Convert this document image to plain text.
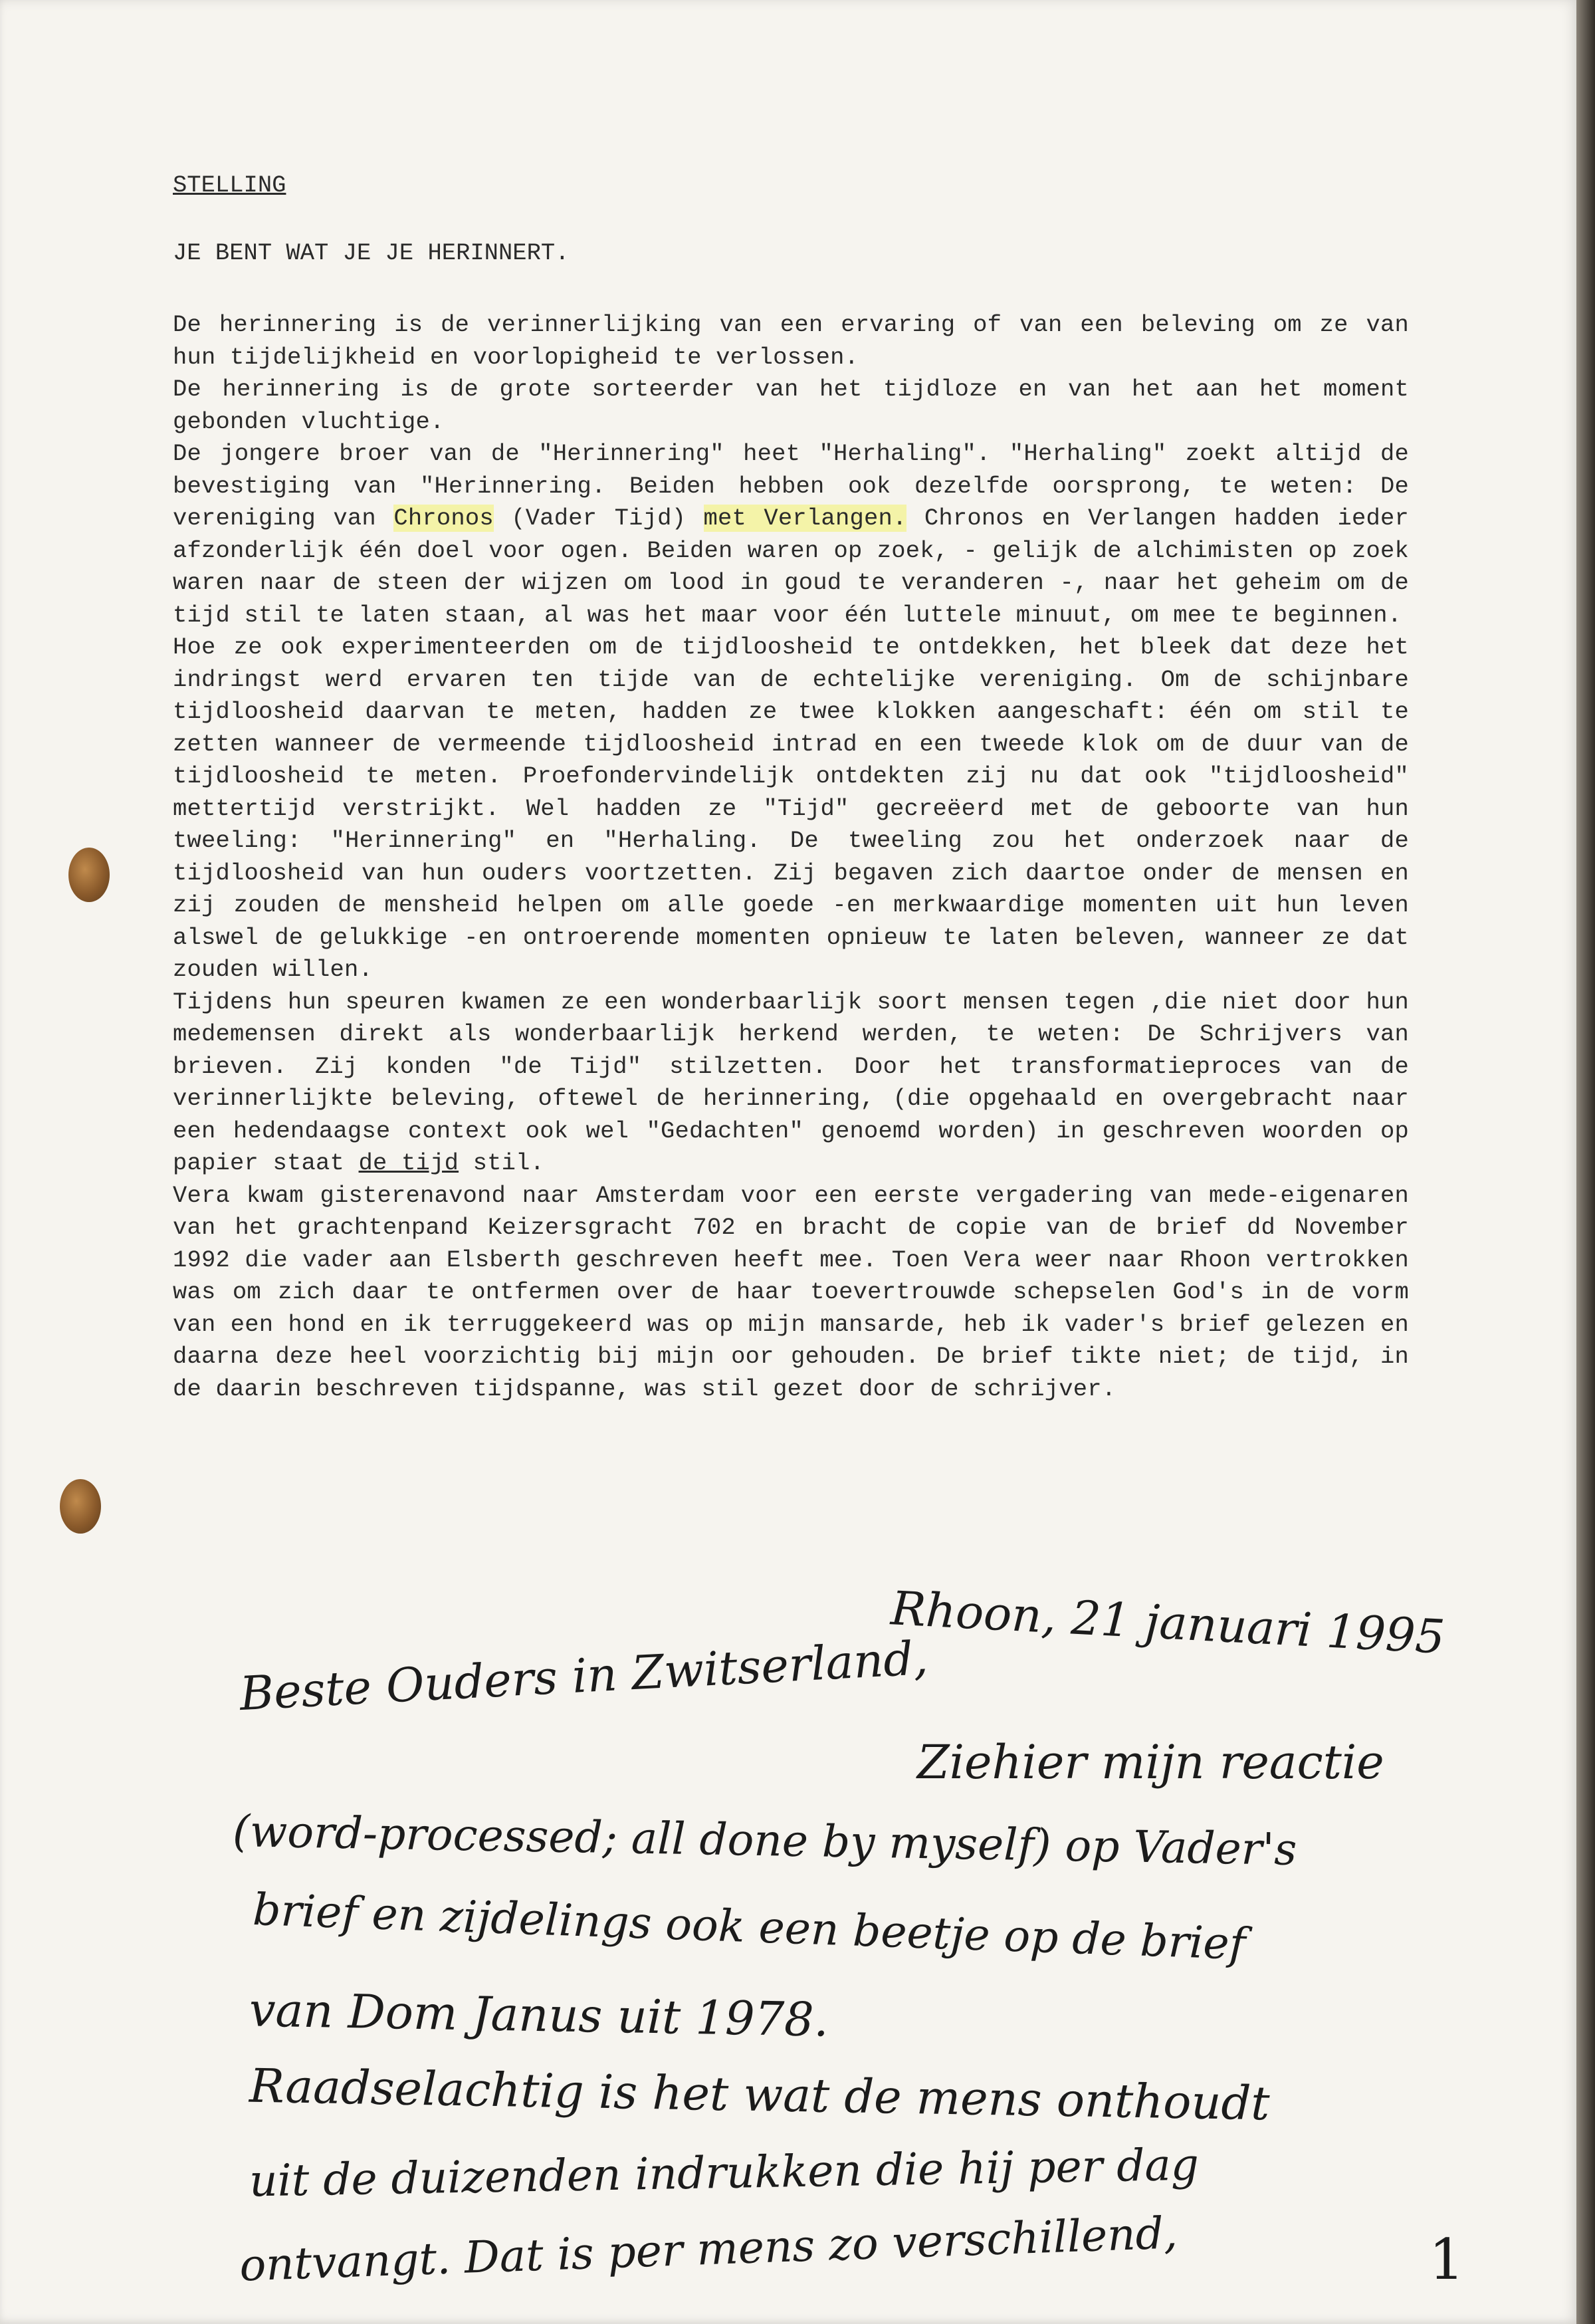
STELLING

JE BENT WAT JE JE HERINNERT.

De herinnering is de verinnerlijking van een ervaring of van een beleving om ze van hun tijdelijkheid en voorlopigheid te verlossen.

De herinnering is de grote sorteerder van het tijdloze en van het aan het moment gebonden vluchtige.

De jongere broer van de "Herinnering" heet "Herhaling". "Herhaling" zoekt altijd de bevestiging van "Herinnering. Beiden hebben ook dezelfde oorsprong, te weten: De vereniging van Chronos (Vader Tijd) met Verlangen. Chronos en Verlangen hadden ieder afzonderlijk één doel voor ogen. Beiden waren op zoek, - gelijk de alchimisten op zoek waren naar de steen der wijzen om lood in goud te veranderen -, naar het geheim om de tijd stil te laten staan, al was het maar voor één luttele minuut, om mee te beginnen.

Hoe ze ook experimenteerden om de tijdloosheid te ontdekken, het bleek dat deze het indringst werd ervaren ten tijde van de echtelijke vereniging. Om de schijnbare tijdloosheid daarvan te meten, hadden ze twee klokken aangeschaft: één om stil te zetten wanneer de vermeende tijdloosheid intrad en een tweede klok om de duur van de tijdloosheid te meten. Proefondervindelijk ontdekten zij nu dat ook "tijdloosheid" mettertijd verstrijkt. Wel hadden ze "Tijd" gecreëerd met de geboorte van hun tweeling: "Herinnering" en "Herhaling. De tweeling zou het onderzoek naar de tijdloosheid van hun ouders voortzetten. Zij begaven zich daartoe onder de mensen en zij zouden de mensheid helpen om alle goede -en merkwaardige momenten uit hun leven alswel de gelukkige -en ontroerende momenten opnieuw te laten beleven, wanneer ze dat zouden willen.

Tijdens hun speuren kwamen ze een wonderbaarlijk soort mensen tegen ,die niet door hun medemensen direkt als wonderbaarlijk herkend werden, te weten: De Schrijvers van brieven. Zij konden "de Tijd" stilzetten. Door het transformatieproces van de verinnerlijkte beleving, oftewel de herinnering, (die opgehaald en overgebracht naar een hedendaagse context ook wel "Gedachten" genoemd worden) in geschreven woorden op papier staat de tijd stil.

Vera kwam gisterenavond naar Amsterdam voor een eerste vergadering van mede-eigenaren van het grachtenpand Keizersgracht 702 en bracht de copie van de brief dd November 1992 die vader aan Elsberth geschreven heeft mee. Toen Vera weer naar Rhoon vertrokken was om zich daar te ontfermen over de haar toevertrouwde schepselen God's in de vorm van een hond en ik terruggekeerd was op mijn mansarde, heb ik vader's brief gelezen en daarna deze heel voorzichtig bij mijn oor gehouden. De brief tikte niet; de tijd, in de daarin beschreven tijdspanne, was stil gezet door de schrijver.

Rhoon, 21 januari 1995
Beste Ouders in Zwitserland,
Ziehier mijn reactie
(word-processed; all done by myself) op Vader's
brief en zijdelings ook een beetje op de brief
van Dom Janus uit 1978.
Raadselachtig is het wat de mens onthoudt
uit de duizenden indrukken die hij per dag
ontvangt. Dat is per mens zo verschillend,	1
